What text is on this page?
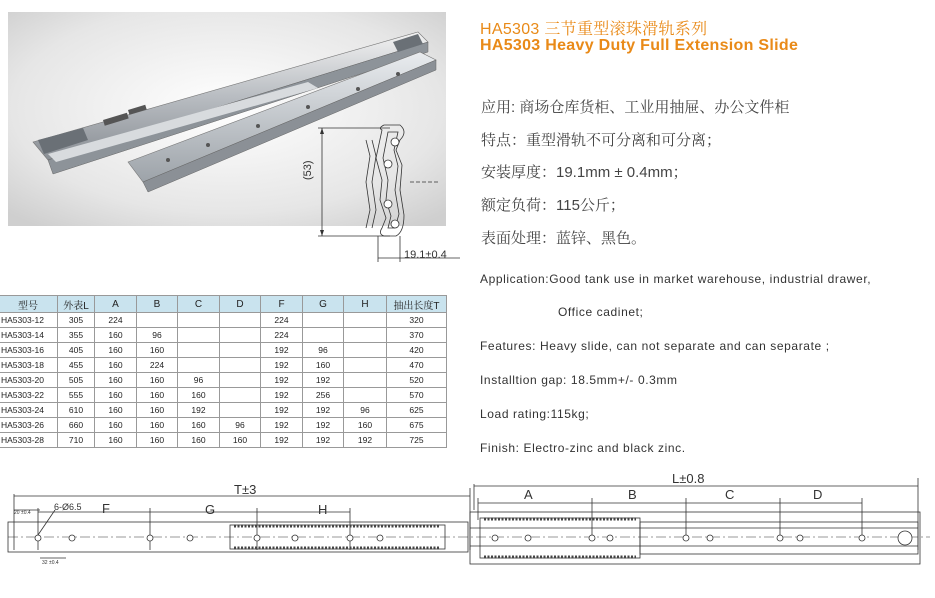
HA5303 三节重型滚珠滑轨系列
HA5303 Heavy Duty Full Extension Slide
应用: 商场仓库货柜、工业用抽屉、办公文件柜
特点：重型滑轨不可分离和可分离；
安装厚度：19.1mm ± 0.4mm；
额定负荷：115公斤；
表面处理：蓝锌、黑色。
Application:Good tank use in market warehouse, industrial drawer,
Office cadinet;
Features: Heavy slide, can not separate and can separate ;
Installtion gap: 18.5mm+/- 0.3mm
Load rating:115kg;
Finish: Electro-zinc and black zinc.
(53)
19.1±0.4
型号	外表L	A	B	C	D	F	G	H	抽出长度T
HA5303-12	305	224				224			320
HA5303-14	355	160	96			224			370
HA5303-16	405	160	160			192	96		420
HA5303-18	455	160	224			192	160		470
HA5303-20	505	160	160	96		192	192		520
HA5303-22	555	160	160	160		192	256		570
HA5303-24	610	160	160	192		192	192	96	625
HA5303-26	660	160	160	160	96	192	192	160	675
HA5303-28	710	160	160	160	160	192	192	192	725
T±3
L±0.8
6-Ø6.5
20 ±0.4
32 ±0.4
F	G	H
A	B	C	D
